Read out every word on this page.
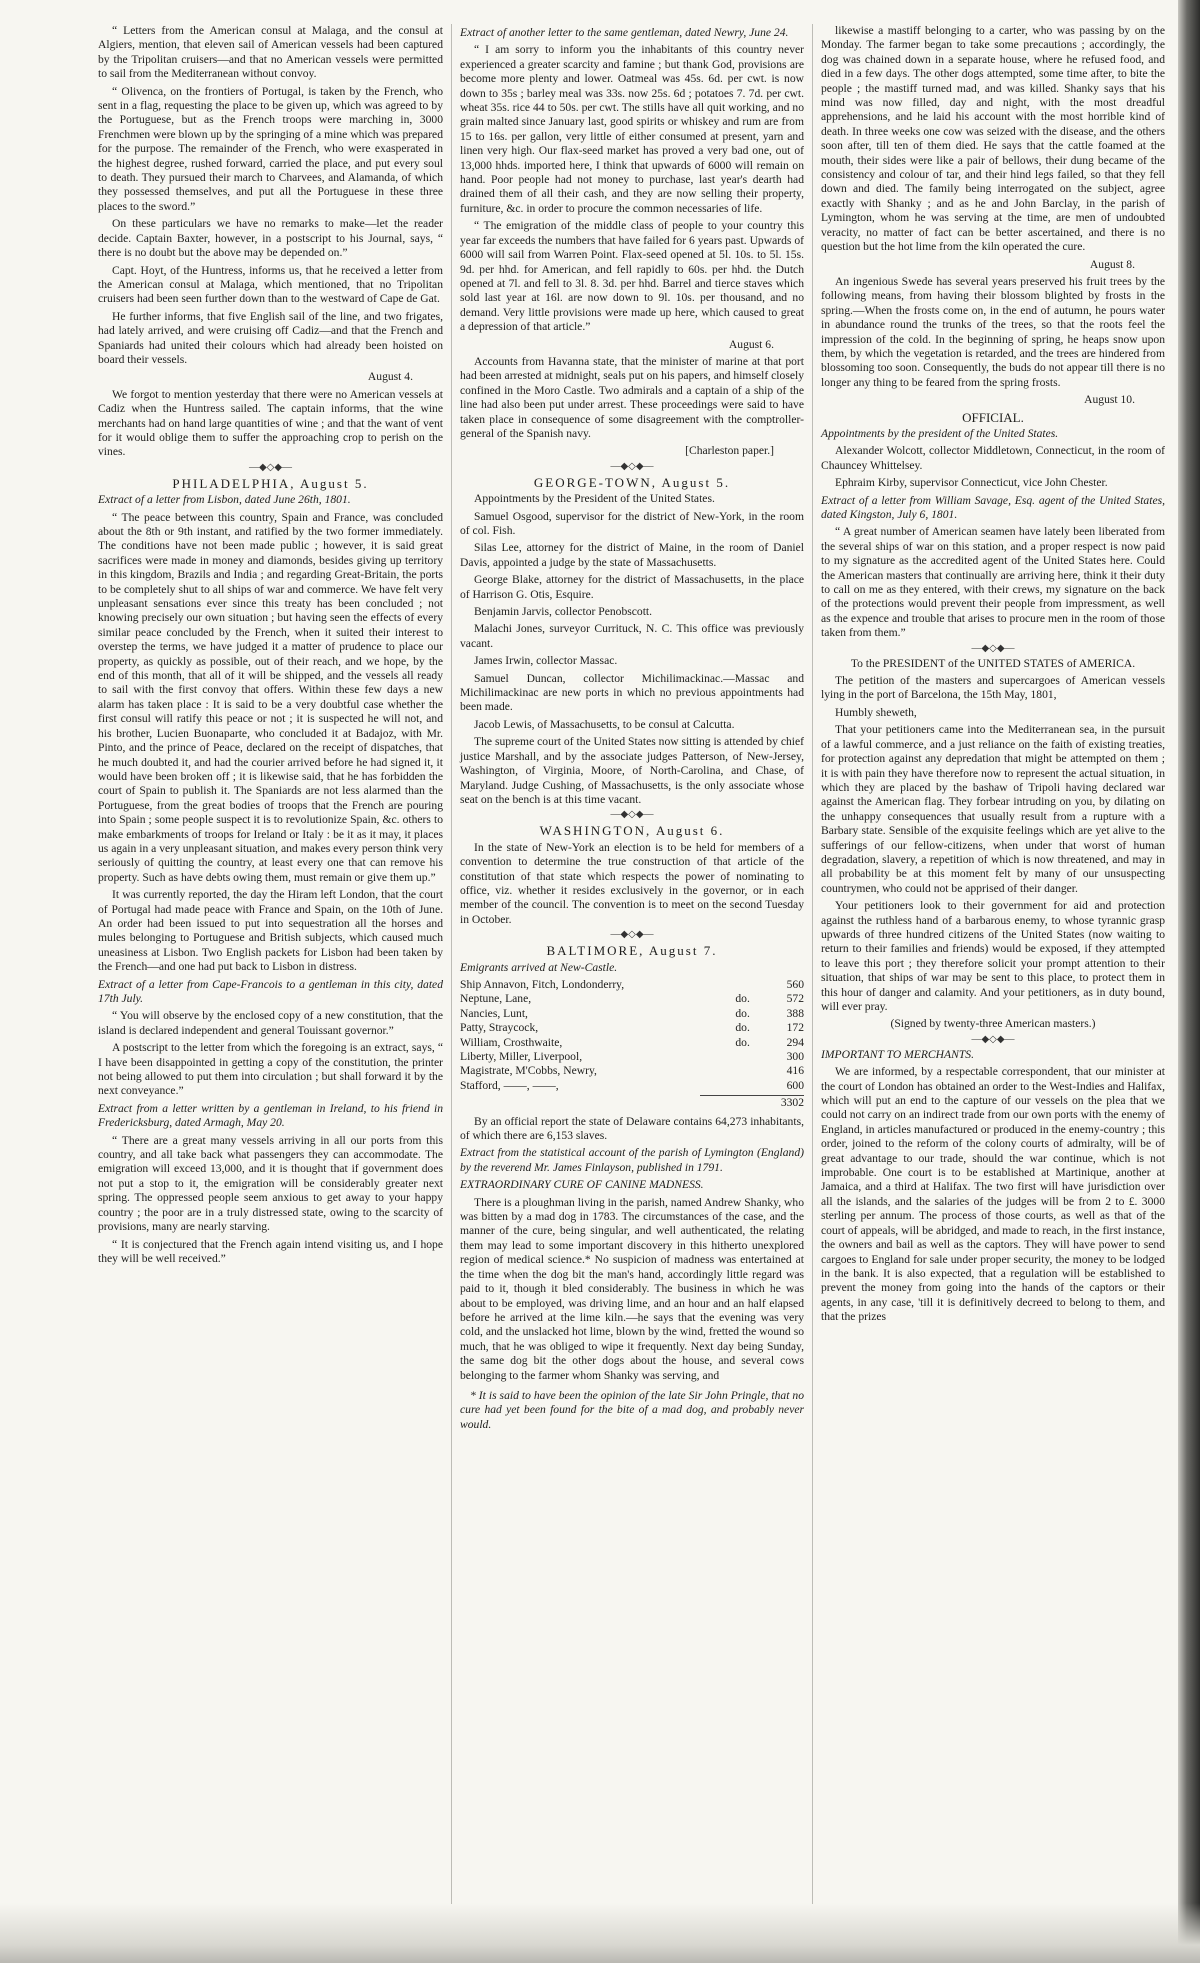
“ Letters from the American consul at Malaga, and the consul at Algiers, mention, that eleven sail of American vessels had been captured by the Tripolitan cruisers—and that no American vessels were permitted to sail from the Mediterranean without convoy.

“ Olivenca, on the frontiers of Portugal, is taken by the French, who sent in a flag, requesting the place to be given up, which was agreed to by the Portuguese, but as the French troops were marching in, 3000 Frenchmen were blown up by the springing of a mine which was prepared for the purpose. The remainder of the French, who were exasperated in the highest degree, rushed forward, carried the place, and put every soul to death. They pursued their march to Charvees, and Alamanda, of which they possessed themselves, and put all the Portuguese in these three places to the sword.”

On these particulars we have no remarks to make—let the reader decide. Captain Baxter, however, in a postscript to his Journal, says, “ there is no doubt but the above may be depended on.”

Capt. Hoyt, of the Huntress, informs us, that he received a letter from the American consul at Malaga, which mentioned, that no Tripolitan cruisers had been seen further down than to the westward of Cape de Gat.

He further informs, that five English sail of the line, and two frigates, had lately arrived, and were cruising off Cadiz—and that the French and Spaniards had united their colours which had already been hoisted on board their vessels.

August 4.

We forgot to mention yesterday that there were no American vessels at Cadiz when the Huntress sailed. The captain informs, that the wine merchants had on hand large quantities of wine ; and that the want of vent for it would oblige them to suffer the approaching crop to perish on the vines.

—◆◇◆—
PHILADELPHIA, August 5.

Extract of a letter from Lisbon, dated June 26th, 1801.

“ The peace between this country, Spain and France, was concluded about the 8th or 9th instant, and ratified by the two former immediately. The conditions have not been made public ; however, it is said great sacrifices were made in money and diamonds, besides giving up territory in this kingdom, Brazils and India ; and regarding Great-Britain, the ports to be completely shut to all ships of war and commerce. We have felt very unpleasant sensations ever since this treaty has been concluded ; not knowing precisely our own situation ; but having seen the effects of every similar peace concluded by the French, when it suited their interest to overstep the terms, we have judged it a matter of prudence to place our property, as quickly as possible, out of their reach, and we hope, by the end of this month, that all of it will be shipped, and the vessels all ready to sail with the first convoy that offers. Within these few days a new alarm has taken place : It is said to be a very doubtful case whether the first consul will ratify this peace or not ; it is suspected he will not, and his brother, Lucien Buonaparte, who concluded it at Badajoz, with Mr. Pinto, and the prince of Peace, declared on the receipt of dispatches, that he much doubted it, and had the courier arrived before he had signed it, it would have been broken off ; it is likewise said, that he has forbidden the court of Spain to publish it. The Spaniards are not less alarmed than the Portuguese, from the great bodies of troops that the French are pouring into Spain ; some people suspect it is to revolutionize Spain, &c. others to make embarkments of troops for Ireland or Italy : be it as it may, it places us again in a very unpleasant situation, and makes every person think very seriously of quitting the country, at least every one that can remove his property. Such as have debts owing them, must remain or give them up.”

It was currently reported, the day the Hiram left London, that the court of Portugal had made peace with France and Spain, on the 10th of June. An order had been issued to put into sequestration all the horses and mules belonging to Portuguese and British subjects, which caused much uneasiness at Lisbon. Two English packets for Lisbon had been taken by the French—and one had put back to Lisbon in distress.

Extract of a letter from Cape-Francois to a gentleman in this city, dated 17th July.

“ You will observe by the enclosed copy of a new constitution, that the island is declared independent and general Touissant governor.”

A postscript to the letter from which the foregoing is an extract, says, “ I have been disappointed in getting a copy of the constitution, the printer not being allowed to put them into circulation ; but shall forward it by the next conveyance.”

Extract from a letter written by a gentleman in Ireland, to his friend in Fredericksburg, dated Armagh, May 20.

“ There are a great many vessels arriving in all our ports from this country, and all take back what passengers they can accommodate. The emigration will exceed 13,000, and it is thought that if government does not put a stop to it, the emigration will be considerably greater next spring. The oppressed people seem anxious to get away to your happy country ; the poor are in a truly distressed state, owing to the scarcity of provisions, many are nearly starving.

“ It is conjectured that the French again intend visiting us, and I hope they will be well received.”

Extract of another letter to the same gentleman, dated Newry, June 24.

“ I am sorry to inform you the inhabitants of this country never experienced a greater scarcity and famine ; but thank God, provisions are become more plenty and lower. Oatmeal was 45s. 6d. per cwt. is now down to 35s ; barley meal was 33s. now 25s. 6d ; potatoes 7. 7d. per cwt. wheat 35s. rice 44 to 50s. per cwt. The stills have all quit working, and no grain malted since January last, good spirits or whiskey and rum are from 15 to 16s. per gallon, very little of either consumed at present, yarn and linen very high. Our flax-seed market has proved a very bad one, out of 13,000 hhds. imported here, I think that upwards of 6000 will remain on hand. Poor people had not money to purchase, last year's dearth had drained them of all their cash, and they are now selling their property, furniture, &c. in order to procure the common necessaries of life.

“ The emigration of the middle class of people to your country this year far exceeds the numbers that have failed for 6 years past. Upwards of 6000 will sail from Warren Point. Flax-seed opened at 5l. 10s. to 5l. 15s. 9d. per hhd. for American, and fell rapidly to 60s. per hhd. the Dutch opened at 7l. and fell to 3l. 8. 3d. per hhd. Barrel and tierce staves which sold last year at 16l. are now down to 9l. 10s. per thousand, and no demand. Very little provisions were made up here, which caused to great a depression of that article.”

August 6.

Accounts from Havanna state, that the minister of marine at that port had been arrested at midnight, seals put on his papers, and himself closely confined in the Moro Castle. Two admirals and a captain of a ship of the line had also been put under arrest. These proceedings were said to have taken place in consequence of some disagreement with the comptroller-general of the Spanish navy.

[Charleston paper.]

—◆◇◆—
GEORGE-TOWN, August 5.

Appointments by the President of the United States.

Samuel Osgood, supervisor for the district of New-York, in the room of col. Fish.

Silas Lee, attorney for the district of Maine, in the room of Daniel Davis, appointed a judge by the state of Massachusetts.

George Blake, attorney for the district of Massachusetts, in the place of Harrison G. Otis, Esquire.

Benjamin Jarvis, collector Penobscott.

Malachi Jones, surveyor Currituck, N. C. This office was previously vacant.

James Irwin, collector Massac.

Samuel Duncan, collector Michilimackinac.—Massac and Michilimackinac are new ports in which no previous appointments had been made.

Jacob Lewis, of Massachusetts, to be consul at Calcutta.

The supreme court of the United States now sitting is attended by chief justice Marshall, and by the associate judges Patterson, of New-Jersey, Washington, of Virginia, Moore, of North-Carolina, and Chase, of Maryland. Judge Cushing, of Massachusetts, is the only associate whose seat on the bench is at this time vacant.

—◆◇◆—
WASHINGTON, August 6.

In the state of New-York an election is to be held for members of a convention to determine the true construction of that article of the constitution of that state which respects the power of nominating to office, viz. whether it resides exclusively in the governor, or in each member of the council. The convention is to meet on the second Tuesday in October.

—◆◇◆—
BALTIMORE, August 7.

Emigrants arrived at New-Castle.

Ship Annavon, Fitch, Londonderry,		560
Neptune, Lane,	do.	572
Nancies, Lunt,	do.	388
Patty, Straycock,	do.	172
William, Crosthwaite,	do.	294
Liberty, Miller, Liverpool,		300
Magistrate, M'Cobbs, Newry,		416
Stafford, ——, ——,		600
3302

By an official report the state of Delaware contains 64,273 inhabitants, of which there are 6,153 slaves.

Extract from the statistical account of the parish of Lymington (England) by the reverend Mr. James Finlayson, published in 1791.

EXTRAORDINARY CURE OF CANINE MADNESS.

There is a ploughman living in the parish, named Andrew Shanky, who was bitten by a mad dog in 1783. The circumstances of the case, and the manner of the cure, being singular, and well authenticated, the relating them may lead to some important discovery in this hitherto unexplored region of medical science.* No suspicion of madness was entertained at the time when the dog bit the man's hand, accordingly little regard was paid to it, though it bled considerably. The business in which he was about to be employed, was driving lime, and an hour and an half elapsed before he arrived at the lime kiln.—he says that the evening was very cold, and the unslacked hot lime, blown by the wind, fretted the wound so much, that he was obliged to wipe it frequently. Next day being Sunday, the same dog bit the other dogs about the house, and several cows belonging to the farmer whom Shanky was serving, and

* It is said to have been the opinion of the late Sir John Pringle, that no cure had yet been found for the bite of a mad dog, and probably never would.

likewise a mastiff belonging to a carter, who was passing by on the Monday. The farmer began to take some precautions ; accordingly, the dog was chained down in a separate house, where he refused food, and died in a few days. The other dogs attempted, some time after, to bite the people ; the mastiff turned mad, and was killed. Shanky says that his mind was now filled, day and night, with the most dreadful apprehensions, and he laid his account with the most horrible kind of death. In three weeks one cow was seized with the disease, and the others soon after, till ten of them died. He says that the cattle foamed at the mouth, their sides were like a pair of bellows, their dung became of the consistency and colour of tar, and their hind legs failed, so that they fell down and died. The family being interrogated on the subject, agree exactly with Shanky ; and as he and John Barclay, in the parish of Lymington, whom he was serving at the time, are men of undoubted veracity, no matter of fact can be better ascertained, and there is no question but the hot lime from the kiln operated the cure.

August 8.

An ingenious Swede has several years preserved his fruit trees by the following means, from having their blossom blighted by frosts in the spring.—When the frosts come on, in the end of autumn, he pours water in abundance round the trunks of the trees, so that the roots feel the impression of the cold. In the beginning of spring, he heaps snow upon them, by which the vegetation is retarded, and the trees are hindered from blossoming too soon. Consequently, the buds do not appear till there is no longer any thing to be feared from the spring frosts.

August 10.

OFFICIAL.

Appointments by the president of the United States.

Alexander Wolcott, collector Middletown, Connecticut, in the room of Chauncey Whittelsey.

Ephraim Kirby, supervisor Connecticut, vice John Chester.

Extract of a letter from William Savage, Esq. agent of the United States, dated Kingston, July 6, 1801.

“ A great number of American seamen have lately been liberated from the several ships of war on this station, and a proper respect is now paid to my signature as the accredited agent of the United States here. Could the American masters that continually are arriving here, think it their duty to call on me as they entered, with their crews, my signature on the back of the protections would prevent their people from impressment, as well as the expence and trouble that arises to procure men in the room of those taken from them.”

—◆◇◆—

To the PRESIDENT of the UNITED STATES of AMERICA.

The petition of the masters and supercargoes of American vessels lying in the port of Barcelona, the 15th May, 1801,

Humbly sheweth,

That your petitioners came into the Mediterranean sea, in the pursuit of a lawful commerce, and a just reliance on the faith of existing treaties, for protection against any depredation that might be attempted on them ; it is with pain they have therefore now to represent the actual situation, in which they are placed by the bashaw of Tripoli having declared war against the American flag. They forbear intruding on you, by dilating on the unhappy consequences that usually result from a rupture with a Barbary state. Sensible of the exquisite feelings which are yet alive to the sufferings of our fellow-citizens, when under that worst of human degradation, slavery, a repetition of which is now threatened, and may in all probability be at this moment felt by many of our unsuspecting countrymen, who could not be apprised of their danger.

Your petitioners look to their government for aid and protection against the ruthless hand of a barbarous enemy, to whose tyrannic grasp upwards of three hundred citizens of the United States (now waiting to return to their families and friends) would be exposed, if they attempted to leave this port ; they therefore solicit your prompt attention to their situation, that ships of war may be sent to this place, to protect them in this hour of danger and calamity. And your petitioners, as in duty bound, will ever pray.

(Signed by twenty-three American masters.)

—◆◇◆—

IMPORTANT TO MERCHANTS.

We are informed, by a respectable correspondent, that our minister at the court of London has obtained an order to the West-Indies and Halifax, which will put an end to the capture of our vessels on the plea that we could not carry on an indirect trade from our own ports with the enemy of England, in articles manufactured or produced in the enemy-country ; this order, joined to the reform of the colony courts of admiralty, will be of great advantage to our trade, should the war continue, which is not improbable. One court is to be established at Martinique, another at Jamaica, and a third at Halifax. The two first will have jurisdiction over all the islands, and the salaries of the judges will be from 2 to £. 3000 sterling per annum. The process of those courts, as well as that of the court of appeals, will be abridged, and made to reach, in the first instance, the owners and bail as well as the captors. They will have power to send cargoes to England for sale under proper security, the money to be lodged in the bank. It is also expected, that a regulation will be established to prevent the money from going into the hands of the captors or their agents, in any case, 'till it is definitively decreed to belong to them, and that the prizes
